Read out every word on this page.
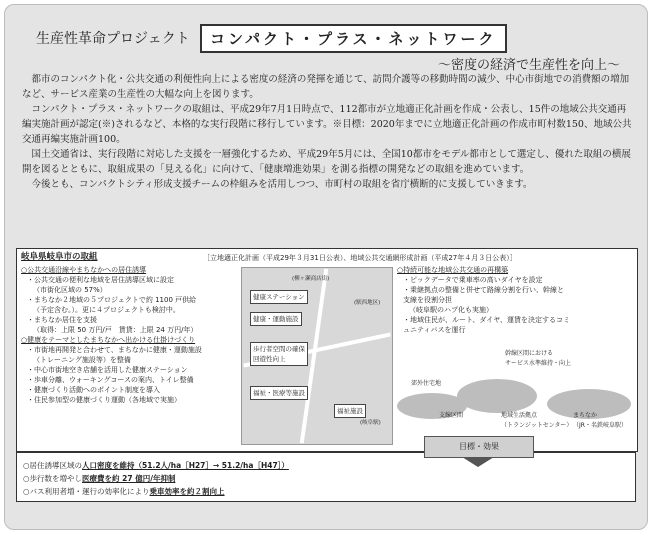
生産性革命プロジェクト	コンパクト・プラス・ネットワーク
～密度の経済で生産性を向上～

都市のコンパクト化・公共交通の利便性向上による密度の経済の発揮を通じて、訪問介護等の移動時間の減少、中心市街地での消費額の増加など、サービス産業の生産性の大幅な向上を図ります。

コンパクト・プラス・ネットワークの取組は、平成29年7月1日時点で、112都市が立地適正化計画を作成・公表し、15件の地域公共交通再編実施計画が認定(※)されるなど、本格的な実行段階に移行しています。※目標：2020年までに立地適正化計画の作成市町村数150、地域公共交通再編実施計画100。

国土交通省は、実行段階に対応した支援を一層強化するため、平成29年5月には、全国10都市をモデル都市として選定し、優れた取組の横展開を図るとともに、取組成果の「見える化」に向けて、「健康増進効果」を測る指標の開発などの取組を進めています。

今後とも、コンパクトシティ形成支援チームの枠組みを活用しつつ、市町村の取組を省庁横断的に支援していきます。

岐阜県岐阜市の取組	［立地適正化計画（平成29年３月31日公表）、地域公共交通網形成計画（平成27年４月３日公表）］
○公共交通沿線やまちなかへの居住誘導
・公共交通の便利な地域を居住誘導区域に設定
（市街化区域の 57%）
・まちなか２地域の５プロジェクトで約 1100 戸供給
（予定含む。）。更に４プロジェクトも検討中。
・まちなか居住を支援
（取得：上限 50 万円/戸　賃貸：上限 24 万円/年）
○健康をテーマとしたまちなかへ出かける仕掛けづくり
・市街地再開発と合わせて、まちなかに健康・運動施設
（トレーニング施設等）を整備
・中心市街地空き店舗を活用した健康ステーション
・歩車分離、ウォーキングコースの案内、トイレ整備
・健康づくり活動へのポイント制度を導入
・住民参加型の健康づくり運動（各地域で実施）
(柳ヶ瀬商店街)
(駅西地区)
(岐阜駅)
健康ステーション
健康・運動施設
歩行者空間の確保
回遊性向上
福祉・医療等施設
福祉施設
○持続可能な地域公共交通の再構築
・ピックデータで乗車率の高いダイヤを設定
・乗継拠点の整備と併せて路線分割を行い、幹線と
支線を役割分担
（岐阜駅のハブ化も実施）
・地域住民が、ルート、ダイヤ、運賃を決定するコミ
ュニティバスを運行
郊外住宅地
幹線区間における
サービス水準維持・向上
支線区間	地域生活拠点
（トランジットセンター）
まちなか
（JR・名鉄岐阜駅）
○居住誘導区域の人口密度を維持（51.2人/ha［H27］→ 51.2/ha［H47］）
○歩行数を増やし医療費を約 27 億円/年抑制
○バス利用者増・運行の効率化により乗車効率を約２割向上
目標・効果
